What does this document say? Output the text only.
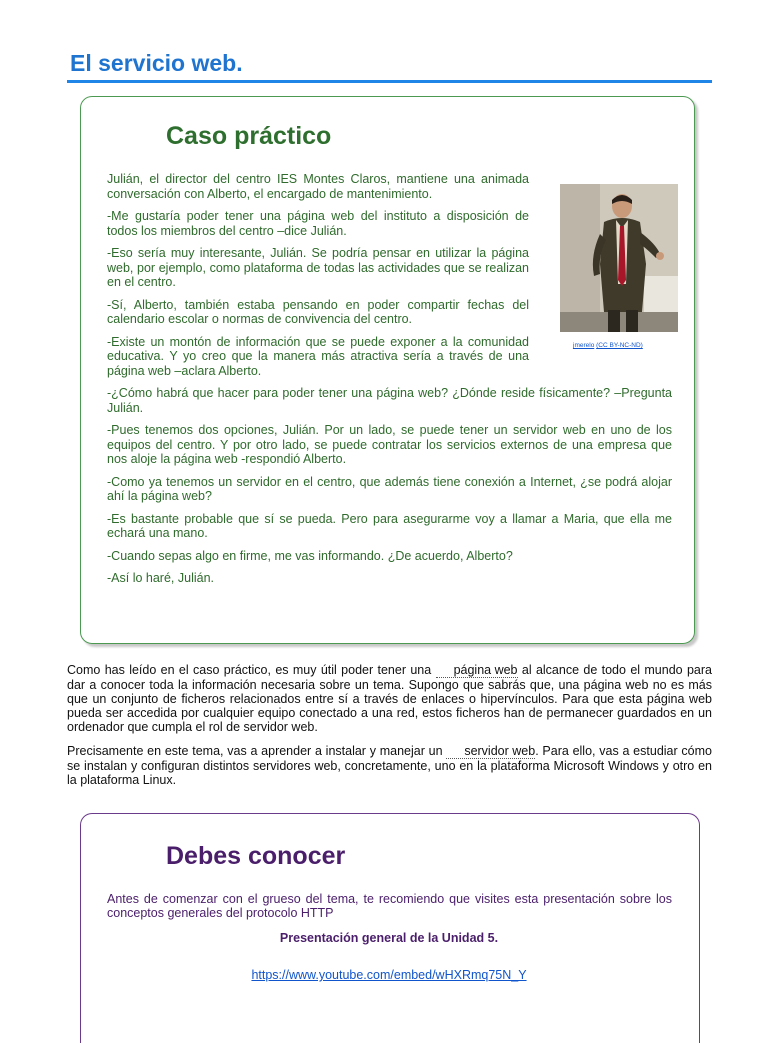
El servicio web.
Caso práctico

Julián, el director del centro IES Montes Claros, mantiene una animada conversación con Alberto, el encargado de mantenimiento.

-Me gustaría poder tener una página web del instituto a disposición de todos los miembros del centro –dice Julián.

-Eso sería muy interesante, Julián. Se podría pensar en utilizar la página web, por ejemplo, como plataforma de todas las actividades que se realizan en el centro.

-Sí, Alberto, también estaba pensando en poder compartir fechas del calendario escolar o normas de convivencia del centro.

-Existe un montón de información que se puede exponer a la comunidad educativa. Y yo creo que la manera más atractiva sería a través de una página web –aclara Alberto.

-¿Cómo habrá que hacer para poder tener una página web? ¿Dónde reside físicamente? –Pregunta Julián.

-Pues tenemos dos opciones, Julián. Por un lado, se puede tener un servidor web en uno de los equipos del centro. Y por otro lado, se puede contratar los servicios externos de una empresa que nos aloje la página web -respondió Alberto.

-Como ya tenemos un servidor en el centro, que además tiene conexión a Internet, ¿se podrá alojar ahí la página web?

-Es bastante probable que sí se pueda. Pero para asegurarme voy a llamar a Maria, que ella me echará una mano.

-Cuando sepas algo en firme, me vas informando. ¿De acuerdo, Alberto?

-Así lo haré, Julián.

jmerelo (CC BY-NC-ND)

Como has leído en el caso práctico, es muy útil poder tener una página web al alcance de todo el mundo para dar a conocer toda la información necesaria sobre un tema. Supongo que sabrás que, una página web no es más que un conjunto de ficheros relacionados entre sí a través de enlaces o hipervínculos. Para que esta página web pueda ser accedida por cualquier equipo conectado a una red, estos ficheros han de permanecer guardados en un ordenador que cumpla el rol de servidor web.

Precisamente en este tema, vas a aprender a instalar y manejar un servidor web. Para ello, vas a estudiar cómo se instalan y configuran distintos servidores web, concretamente, uno en la plataforma Microsoft Windows y otro en la plataforma Linux.

Debes conocer

Antes de comenzar con el grueso del tema, te recomiendo que visites esta presentación sobre los conceptos generales del protocolo HTTP

Presentación general de la Unidad 5.

https://www.youtube.com/embed/wHXRmq75N_Y
